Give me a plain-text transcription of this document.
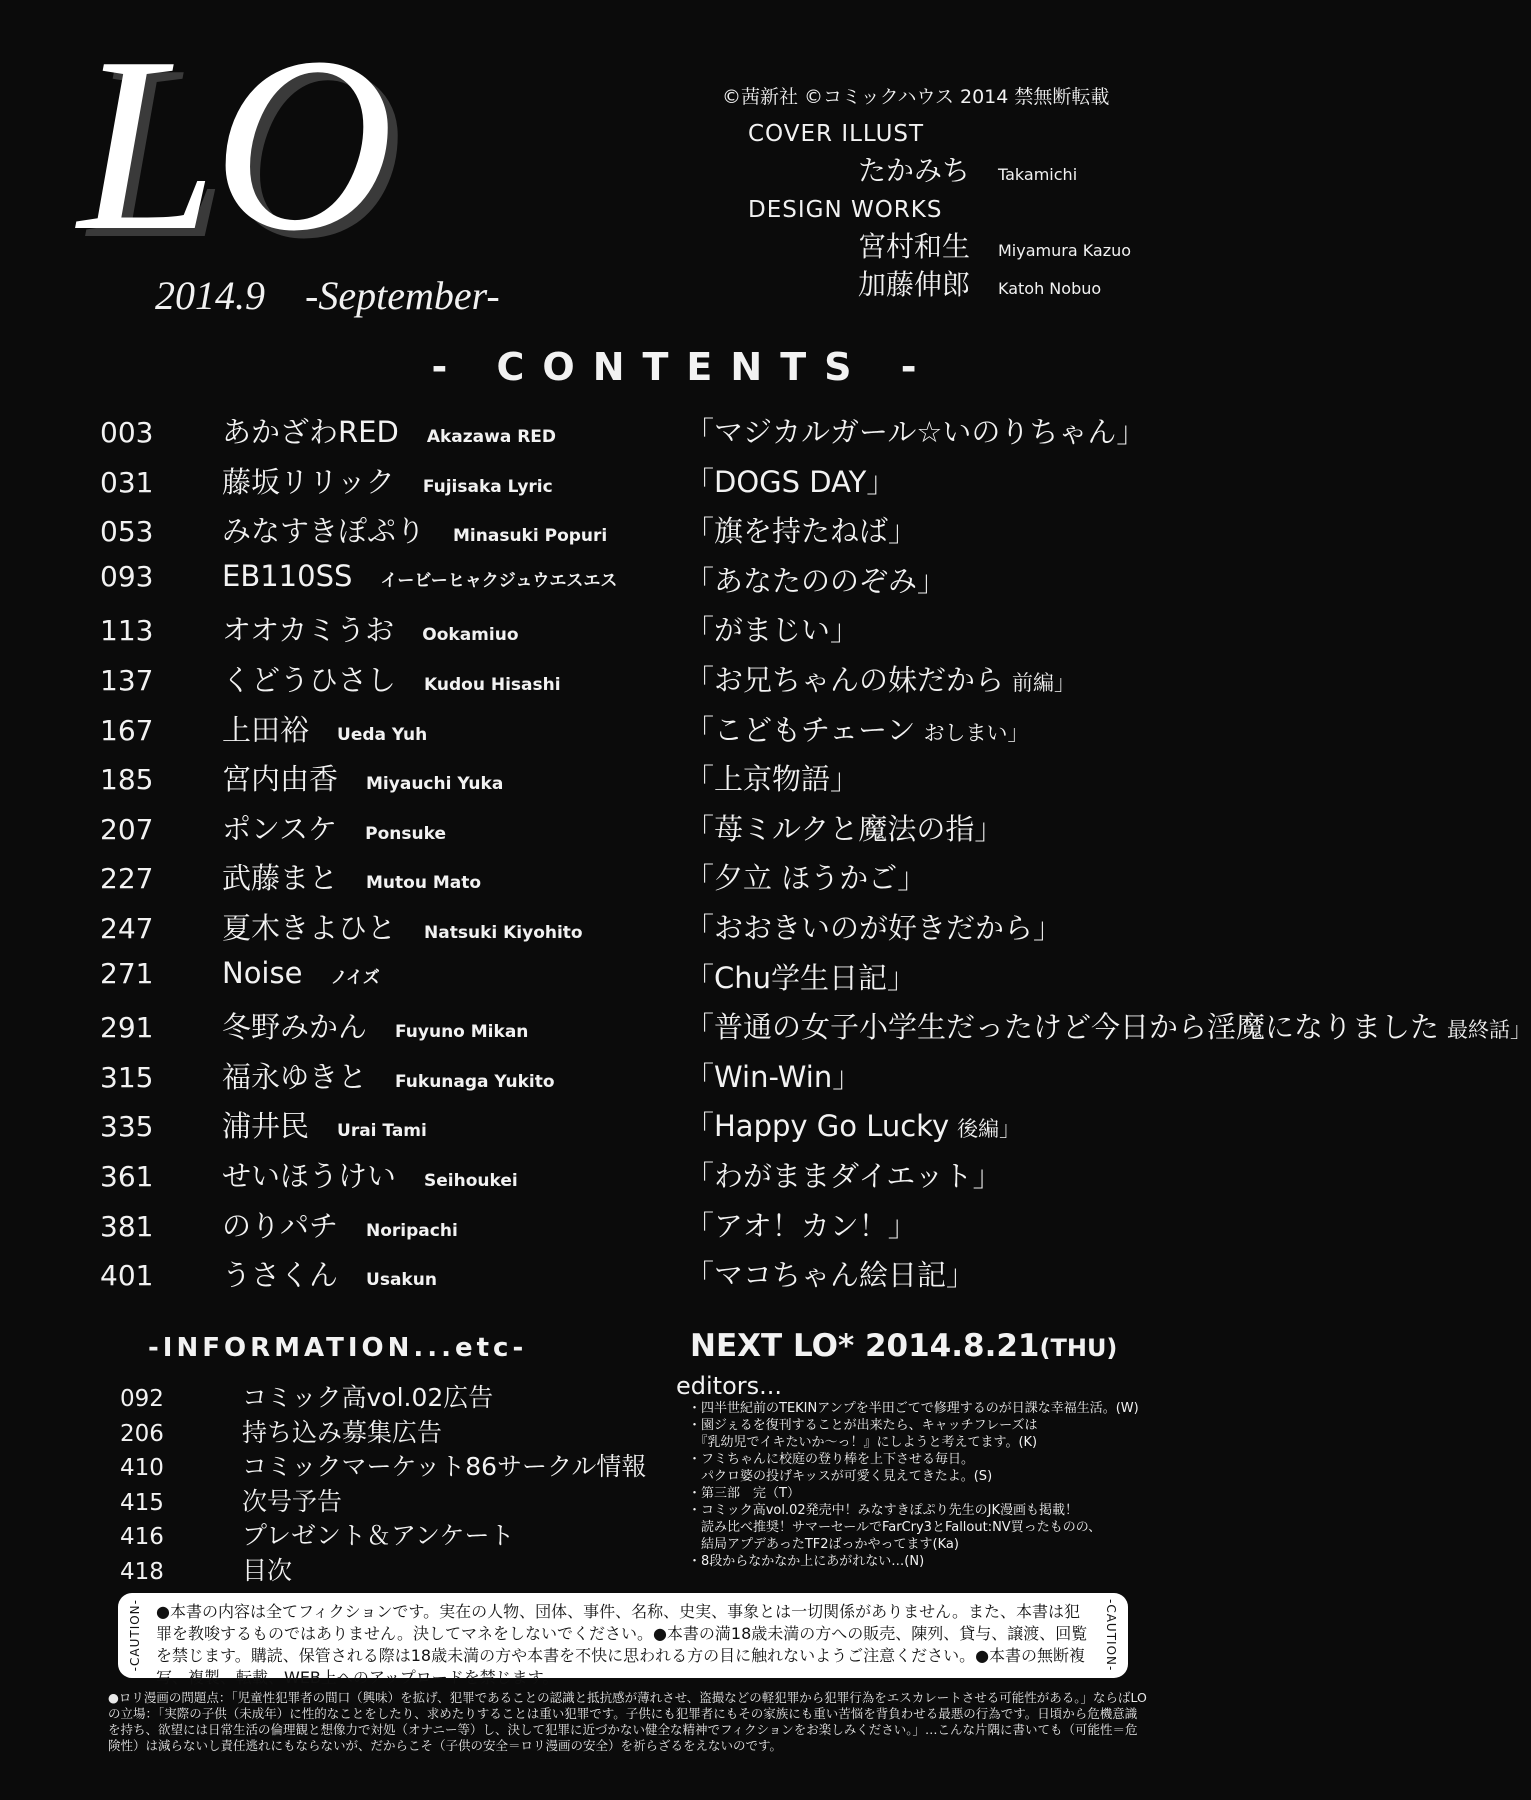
LO
2014.9 -September-
©茜新社 ©コミックハウス 2014 禁無断転載
COVER ILLUST
たかみち	Takamichi
DESIGN WORKS
宮村和生	Miyamura Kazuo
加藤伸郎	Katoh Nobuo
- CONTENTS -
003	あかざわRED Akazawa RED	「マジカルガール☆いのりちゃん」
031	藤坂リリック Fujisaka Lyric	「DOGS DAY」
053	みなすきぽぷり Minasuki Popuri	「旗を持たねば」
093	EB110SS イービーヒャクジュウエスエス 「あなたののぞみ」
113	オオカミうお Ookamiuo	「がまじい」
137	くどうひさし Kudou Hisashi	「お兄ちゃんの妹だから 前編」
167	上田裕 Ueda Yuh	「こどもチェーン おしまい」
185	宮内由香 Miyauchi Yuka	「上京物語」
207	ポンスケ Ponsuke	「苺ミルクと魔法の指」
227	武藤まと Mutou Mato	「夕立 ほうかご」
247	夏木きよひと Natsuki Kiyohito	「おおきいのが好きだから」
271	Noise ノイズ	「Chu学生日記」
291	冬野みかん Fuyuno Mikan	「普通の女子小学生だったけど今日から淫魔になりました 最終話」
315	福永ゆきと Fukunaga Yukito	「Win-Win」
335	浦井民 Urai Tami	「Happy Go Lucky 後編」
361	せいほうけい Seihoukei	「わがままダイエット」
381	のりパチ Noripachi	「アオ！カン！」
401	うさくん Usakun	「マコちゃん絵日記」
-INFORMATION...etc-
092	コミック高vol.02広告
206	持ち込み募集広告
410	コミックマーケット86サークル情報
415	次号予告
416	プレゼント＆アンケート
418	目次
NEXT LO* 2014.8.21(THU)
editors...

・四半世紀前のTEKINアンプを半田ごてで修理するのが日課な幸福生活。(W)

・園ジぇるを復刊することが出来たら、キャッチフレーズは
　『乳幼児でイキたいか〜っ！』にしようと考えてます。(K)

・フミちゃんに校庭の登り棒を上下させる毎日。
　パクロ婆の投げキッスが可愛く見えてきたよ。(S)

・第三部　完（T）

・コミック高vol.02発売中！みなすきぽぷり先生のJK漫画も掲載！
　読み比べ推奨！サマーセールでFarCry3とFallout:NV買ったものの、
　結局アプデあったTF2ばっかやってます(Ka)

・8段からなかなか上にあがれない…(N)

-CAUTION- ●本書の内容は全てフィクションです。実在の人物、団体、事件、名称、史実、事象とは一切関係がありません。また、本書は犯罪を教唆するものではありません。決してマネをしないでください。●本書の満18歳未満の方への販売、陳列、貸与、譲渡、回覧を禁じます。購読、保管される際は18歳未満の方や本書を不快に思われる方の目に触れないようご注意ください。●本書の無断複写、複製、転載、WEB上へのアップロードを禁じます。
-CAUTION-
●ロリ漫画の問題点：「児童性犯罪者の間口（興味）を拡げ、犯罪であることの認識と抵抗感が薄れさせ、盗撮などの軽犯罪から犯罪行為をエスカレートさせる可能性がある。」ならばLOの立場：「実際の子供（未成年）に性的なことをしたり、求めたりすることは重い犯罪です。子供にも犯罪者にもその家族にも重い苦悩を背負わせる最悪の行為です。日頃から危機意識を持ち、欲望には日常生活の倫理観と想像力で対処（オナニー等）し、決して犯罪に近づかない健全な精神でフィクションをお楽しみください。」…こんな片隅に書いても（可能性＝危険性）は減らないし責任逃れにもならないが、だからこそ（子供の安全＝ロリ漫画の安全）を祈らざるをえないのです。
